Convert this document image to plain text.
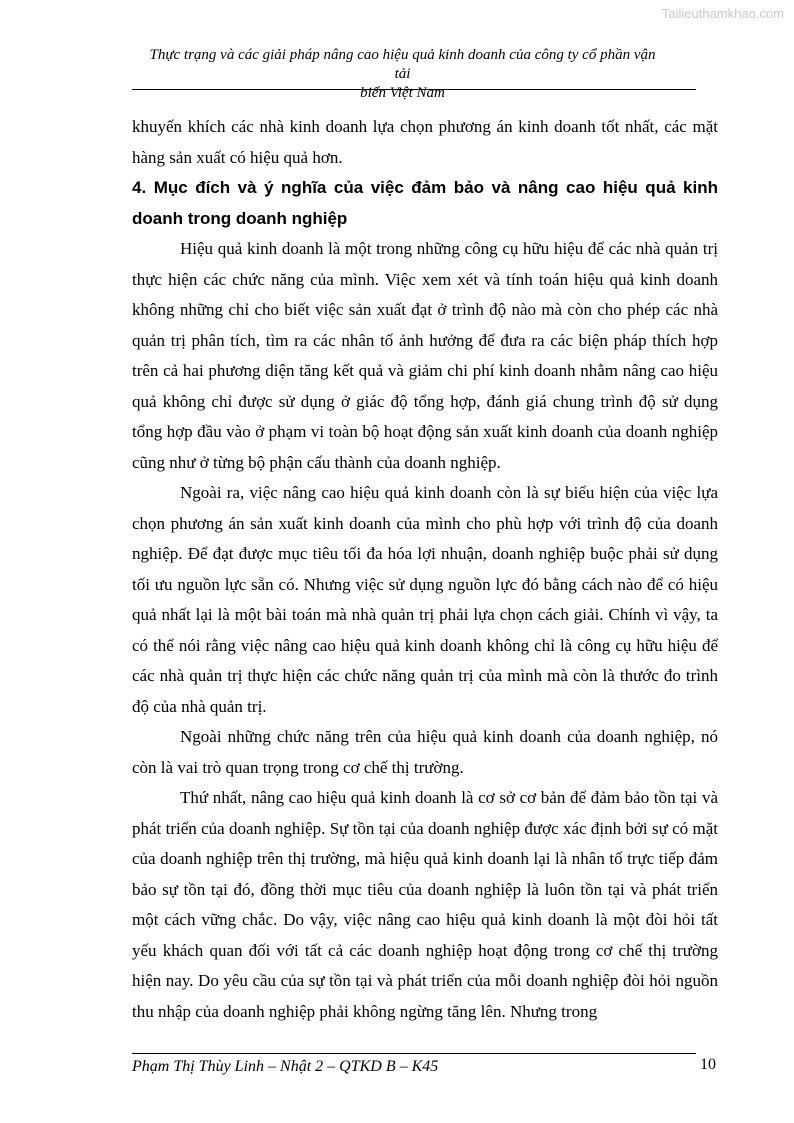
Tailieuthamkhao.com
Thực trạng và các giải pháp nâng cao hiệu quả kinh doanh của công ty cổ phần vận tải
biển Việt Nam

khuyến khích các nhà kinh doanh lựa chọn phương án kinh doanh tốt nhất, các mặt hàng sản xuất có hiệu quả hơn.

4. Mục đích và ý nghĩa của việc đảm bảo và nâng cao hiệu quả kinh doanh trong doanh nghiệp

Hiệu quả kinh doanh là một trong những công cụ hữu hiệu để các nhà quản trị thực hiện các chức năng của mình. Việc xem xét và tính toán hiệu quả kinh doanh không những chỉ cho biết việc sản xuất đạt ở trình độ nào mà còn cho phép các nhà quản trị phân tích, tìm ra các nhân tố ảnh hưởng để đưa ra các biện pháp thích hợp trên cả hai phương diện tăng kết quả và giảm chi phí kinh doanh nhằm nâng cao hiệu quả không chỉ được sử dụng ở giác độ tổng hợp, đánh giá chung trình độ sử dụng tổng hợp đầu vào ở phạm vi toàn bộ hoạt động sản xuất kinh doanh của doanh nghiệp cũng như ở từng bộ phận cấu thành của doanh nghiệp.

Ngoài ra, việc nâng cao hiệu quả kinh doanh còn là sự biểu hiện của việc lựa chọn phương án sản xuất kinh doanh của mình cho phù hợp với trình độ của doanh nghiệp. Để đạt được mục tiêu tối đa hóa lợi nhuận, doanh nghiệp buộc phải sử dụng tối ưu nguồn lực sẵn có. Nhưng việc sử dụng nguồn lực đó bằng cách nào để có hiệu quả nhất lại là một bài toán mà nhà quản trị phải lựa chọn cách giải. Chính vì vậy, ta có thể nói rằng việc nâng cao hiệu quả kinh doanh không chỉ là công cụ hữu hiệu để các nhà quản trị thực hiện các chức năng quản trị của mình mà còn là thước đo trình độ của nhà quản trị.

Ngoài những chức năng trên của hiệu quả kinh doanh của doanh nghiệp, nó còn là vai trò quan trọng trong cơ chế thị trường.

Thứ nhất, nâng cao hiệu quả kinh doanh là cơ sở cơ bản để đảm bảo tồn tại và phát triển của doanh nghiệp. Sự tồn tại của doanh nghiệp được xác định bởi sự có mặt của doanh nghiệp trên thị trường, mà hiệu quả kinh doanh lại là nhân tố trực tiếp đảm bảo sự tồn tại đó, đồng thời mục tiêu của doanh nghiệp là luôn tồn tại và phát triển một cách vững chắc. Do vậy, việc nâng cao hiệu quả kinh doanh là một đòi hỏi tất yếu khách quan đối với tất cả các doanh nghiệp hoạt động trong cơ chế thị trường hiện nay. Do yêu cầu của sự tồn tại và phát triển của mỗi doanh nghiệp đòi hỏi nguồn thu nhập của doanh nghiệp phải không ngừng tăng lên. Nhưng trong

Phạm Thị Thùy Linh – Nhật 2 – QTKD B – K45	10
